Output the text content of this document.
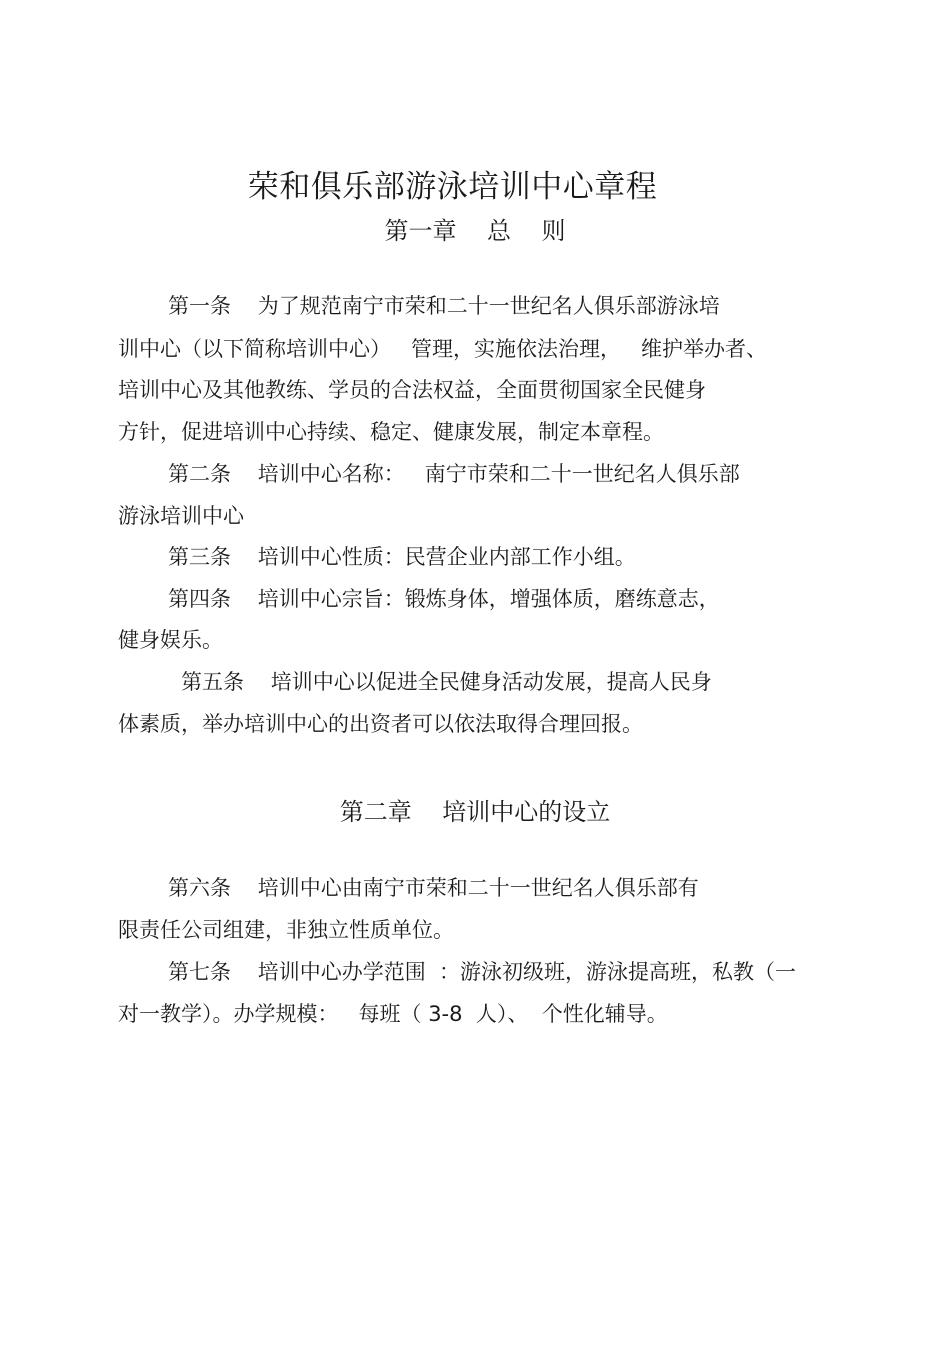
荣和俱乐部游泳培训中心章程
第一章    总    则
第一条    为了规范南宁市荣和二十一世纪名人俱乐部游泳培
训中心（以下简称培训中心）   管理，实施依法治理，   维护举办者、
培训中心及其他教练、学员的合法权益，全面贯彻国家全民健身
方针，促进培训中心持续、稳定、健康发展，制定本章程。
第二条    培训中心名称：   南宁市荣和二十一世纪名人俱乐部
游泳培训中心
第三条    培训中心性质：民营企业内部工作小组。
第四条    培训中心宗旨：锻炼身体，增强体质，磨练意志，
健身娱乐。
第五条    培训中心以促进全民健身活动发展，提高人民身
体素质，举办培训中心的出资者可以依法取得合理回报。
第二章    培训中心的设立
第六条    培训中心由南宁市荣和二十一世纪名人俱乐部有
限责任公司组建，非独立性质单位。
第七条    培训中心办学范围  ：游泳初级班，游泳提高班，私教（一
对一教学）。办学规模：   每班（ 3-8  人）、  个性化辅导。
